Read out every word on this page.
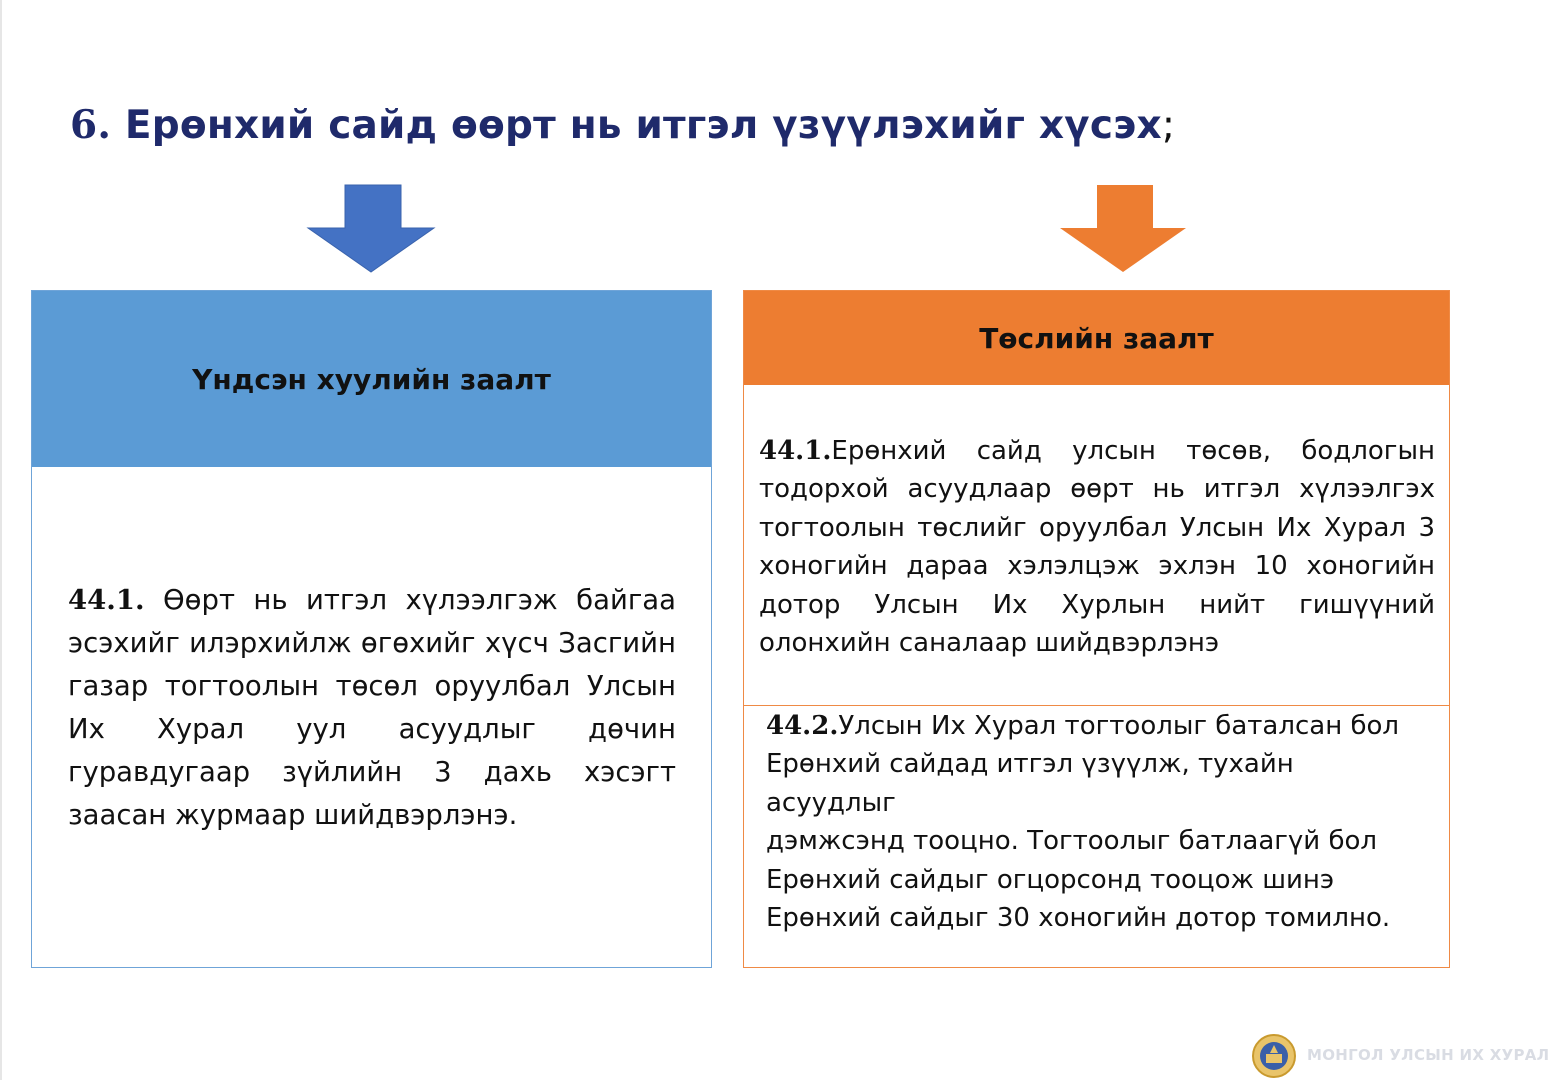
6. Ерөнхий сайд өөрт нь итгэл үзүүлэхийг хүсэх;
Үндсэн хуулийн заалт

44.1. Өөрт нь итгэл хүлээлгэж байгаа эсэхийг илэрхийлж өгөхийг хүсч Засгийн газар тогтоолын төсөл оруулбал Улсын Их Хурал уул асуудлыг дөчин гуравдугаар зүйлийн 3 дахь хэсэгт заасан журмаар шийдвэрлэнэ.

Төслийн заалт

44.1.Ерөнхий сайд улсын төсөв, бодлогын тодорхой асуудлаар өөрт нь итгэл хүлээлгэх тогтоолын төслийг оруулбал Улсын Их Хурал 3 хоногийн дараа хэлэлцэж эхлэн 10 хоногийн дотор Улсын Их Хурлын нийт гишүүний олонхийн саналаар шийдвэрлэнэ

44.2.Улсын Их Хурал тогтоолыг баталсан бол
Ерөнхий сайдад итгэл үзүүлж, тухайн асуудлыг
дэмжсэнд тооцно. Тогтоолыг батлаагүй бол
Ерөнхий сайдыг огцорсонд тооцож шинэ
Ерөнхий сайдыг 30 хоногийн дотор томилно.

МОНГОЛ УЛСЫН ИХ ХУРАЛ
